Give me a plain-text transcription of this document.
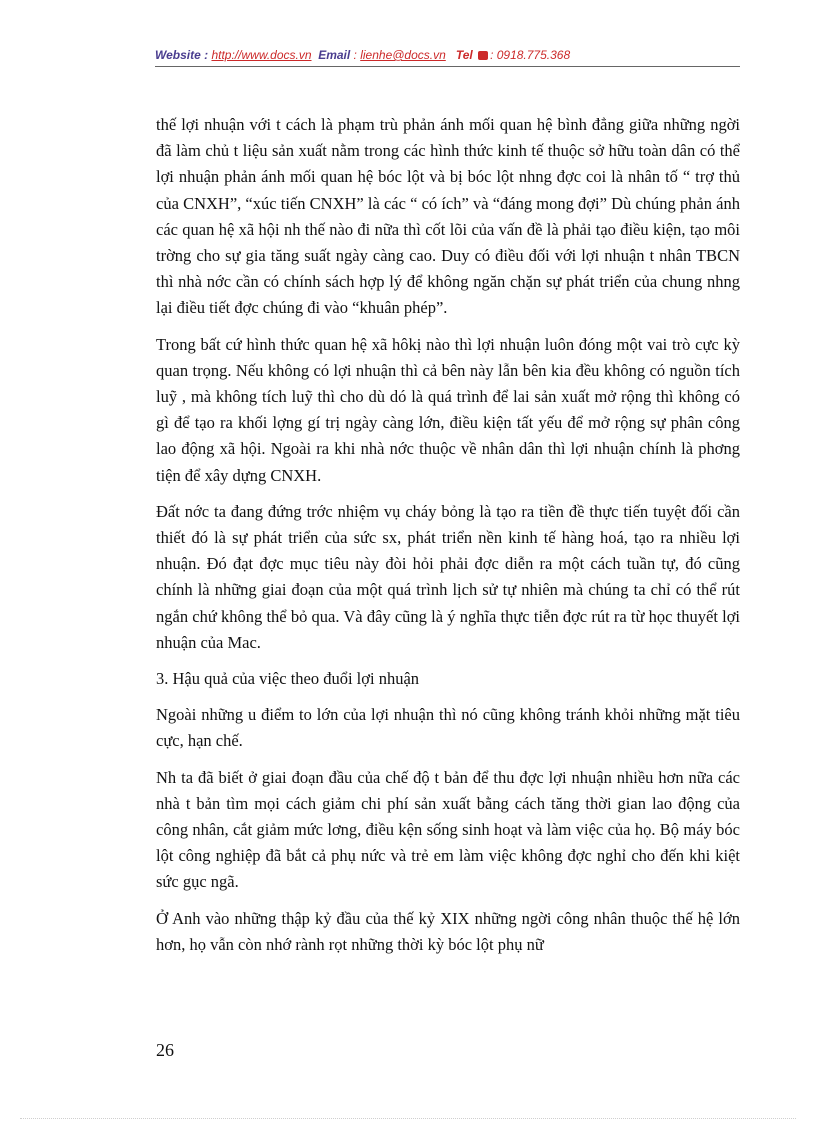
Website : http://www.docs.vn Email : lienhe@docs.vn Tel : 0918.775.368

thế lợi nhuận với t cách là phạm trù phản ánh mối quan hệ bình đẳng giữa những ngời đã làm chủ t liệu sản xuất nằm trong các hình thức kinh tế thuộc sở hữu toàn dân có thể lợi nhuận phản ánh mối quan hệ bóc lột và bị bóc lột nhng đợc coi là nhân tố “ trợ thủ của CNXH”, “xúc tiến CNXH” là các “ có ích” và “đáng mong đợi” Dù chúng phản ánh các quan hệ xã hội nh thế nào đi nữa thì cốt lõi của vấn đề là phải tạo điều kiện, tạo môi trờng cho sự gia tăng suất ngày càng cao. Duy có điều đối với lợi nhuận t nhân TBCN thì nhà nớc cần có chính sách hợp lý để không ngăn chặn sự phát triển của chung nhng lại điều tiết đợc chúng đi vào “khuân phép”.

Trong bất cứ hình thức quan hệ xã hôkị nào thì lợi nhuận luôn đóng một vai trò cực kỳ quan trọng. Nếu không có lợi nhuận thì cả bên này lẫn bên kia đều không có nguồn tích luỹ , mà không tích luỹ thì cho dù dó là quá trình để lai sản xuất mở rộng thì không có gì để tạo ra khối lợng gí trị ngày càng lớn, điều kiện tất yếu để mở rộng sự phân công lao động xã hội. Ngoài ra khi nhà nớc thuộc về nhân dân thì lợi nhuận chính là phơng tiện để xây dựng CNXH.

Đất nớc ta đang đứng trớc nhiệm vụ cháy bỏng là tạo ra tiền đề thực tiến tuyệt đối cần thiết đó là sự phát triển của sức sx, phát triển nền kinh tế hàng hoá, tạo ra nhiều lợi nhuận. Đó đạt đợc mục tiêu này đòi hỏi phải đợc diễn ra một cách tuần tự, đó cũng chính là những giai đoạn của một quá trình lịch sử tự nhiên mà chúng ta chỉ có thể rút ngắn chứ không thể bỏ qua. Và đây cũng là ý nghĩa thực tiễn đợc rút ra từ học thuyết lợi nhuận của Mac.

3. Hậu quả của việc theo đuổi lợi nhuận

Ngoài những u điểm to lớn của lợi nhuận thì nó cũng không tránh khỏi những mặt tiêu cực, hạn chế.

Nh ta đã biết ở giai đoạn đầu của chế độ t bản để thu đợc lợi nhuận nhiều hơn nữa các nhà t bản tìm mọi cách giảm chi phí sản xuất bằng cách tăng thời gian lao động của công nhân, cắt giảm mức lơng, điều kện sống sinh hoạt và làm việc của họ. Bộ máy bóc lột công nghiệp đã bắt cả phụ nức và trẻ em làm việc không đợc nghỉ cho đến khi kiệt sức gục ngã.

Ở Anh vào những thập kỷ đầu của thế kỷ XIX những ngời công nhân thuộc thế hệ lớn hơn, họ vẫn còn nhớ rành rọt những thời kỳ bóc lột phụ nữ

26
